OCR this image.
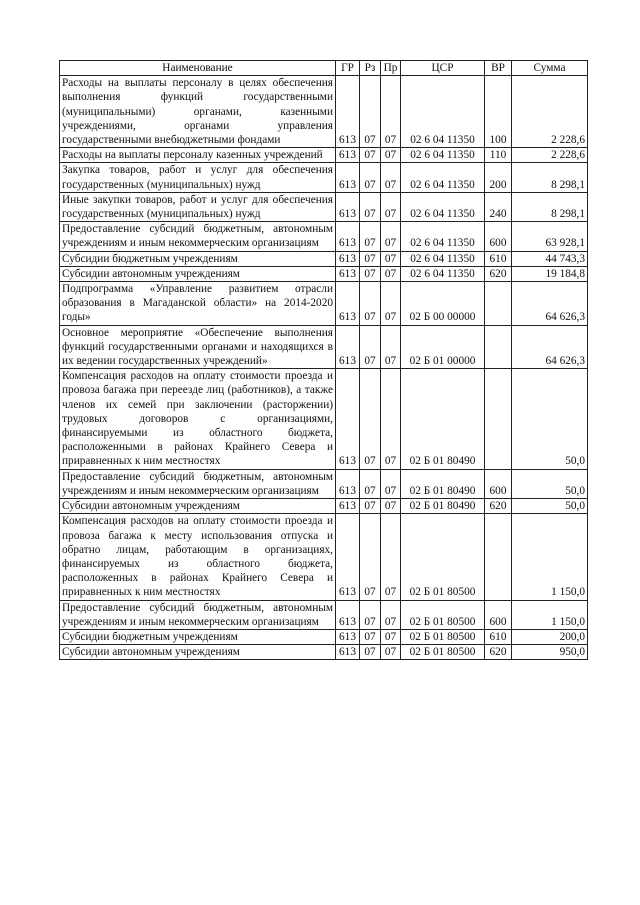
Наименование	ГР	Рз	Пр	ЦСР	ВР	Сумма
Расходы на выплаты персоналу в целях обеспечения выполнения функций государственными (муниципальными) органами, казенными учреждениями, органами управления государственными внебюджетными фондами	613	07	07	02 6 04 11350	100	2 228,6
Расходы на выплаты персоналу казенных учреждений	613	07	07	02 6 04 11350	110	2 228,6
Закупка товаров, работ и услуг для обеспечения государственных (муниципальных) нужд	613	07	07	02 6 04 11350	200	8 298,1
Иные закупки товаров, работ и услуг для обеспечения государственных (муниципальных) нужд	613	07	07	02 6 04 11350	240	8 298,1
Предоставление субсидий бюджетным, автономным учреждениям и иным некоммерческим организациям	613	07	07	02 6 04 11350	600	63 928,1
Субсидии бюджетным учреждениям	613	07	07	02 6 04 11350	610	44 743,3
Субсидии автономным учреждениям	613	07	07	02 6 04 11350	620	19 184,8
Подпрограмма «Управление развитием отрасли образования в Магаданской области» на 2014-2020 годы»	613	07	07	02 Б 00 00000		64 626,3
Основное мероприятие «Обеспечение выполнения функций государственными органами и находящихся в их ведении государственных учреждений»	613	07	07	02 Б 01 00000		64 626,3
Компенсация расходов на оплату стоимости проезда и провоза багажа при переезде лиц (работников), а также членов их семей при заключении (расторжении) трудовых договоров с организациями, финансируемыми из областного бюджета, расположенными в районах Крайнего Севера и приравненных к ним местностях	613	07	07	02 Б 01 80490		50,0
Предоставление субсидий бюджетным, автономным учреждениям и иным некоммерческим организациям	613	07	07	02 Б 01 80490	600	50,0
Субсидии автономным учреждениям	613	07	07	02 Б 01 80490	620	50,0
Компенсация расходов на оплату стоимости проезда и провоза багажа к месту использования отпуска и обратно лицам, работающим в организациях, финансируемых из областного бюджета, расположенных в районах Крайнего Севера и приравненных к ним местностях	613	07	07	02 Б 01 80500		1 150,0
Предоставление субсидий бюджетным, автономным учреждениям и иным некоммерческим организациям	613	07	07	02 Б 01 80500	600	1 150,0
Субсидии бюджетным учреждениям	613	07	07	02 Б 01 80500	610	200,0
Субсидии автономным учреждениям	613	07	07	02 Б 01 80500	620	950,0
